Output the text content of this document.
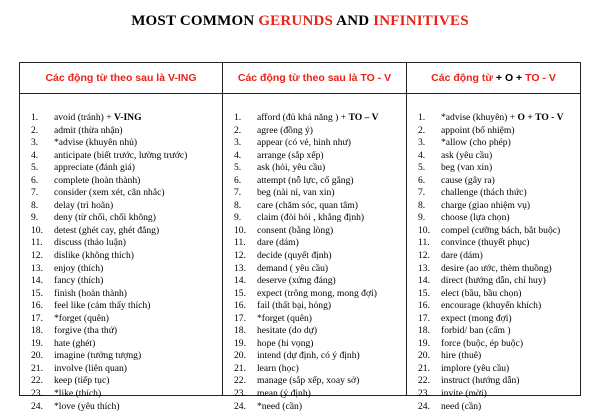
MOST COMMON GERUNDS AND INFINITIVES
Các động từ theo sau là V-ING
1.	avoid (tránh) + V-ING
2.	admit (thừa nhận)
3.	*advise (khuyên nhủ)
4.	anticipate (biết trước, lường trước)
5.	appreciate (đánh giá)
6.	complete (hoàn thành)
7.	consider (xem xét, cân nhắc)
8.	delay (trì hoãn)
9.	deny (từ chối, chối không)
10.	detest (ghét cay, ghét đắng)
11.	discuss (thảo luận)
12.	dislike (không thích)
13.	enjoy (thích)
14.	fancy (thích)
15.	finish (hoàn thành)
16.	feel like (cảm thấy thích)
17.	*forget (quên)
18.	forgive (tha thứ)
19.	hate (ghét)
20.	imagine (tưởng tượng)
21.	involve (liên quan)
22.	keep (tiếp tục)
23.	*like (thích)
24.	*love (yêu thích)
Các động từ theo sau là TO - V
1.	afford (đủ khả năng ) + TO – V
2.	agree (đồng ý)
3.	appear (có vẻ, hình như)
4.	arrange (sắp xếp)
5.	ask (hỏi, yêu cầu)
6.	attempt (nỗ lực, cố gắng)
7.	beg (nài nỉ, van xin)
8.	care (chăm sóc, quan tâm)
9.	claim (đòi hỏi , khẳng định)
10.	consent (bằng lòng)
11.	dare (dám)
12.	decide (quyết định)
13.	demand ( yêu cầu)
14.	deserve (xứng đáng)
15.	expect (trông mong, mong đợi)
16.	fail (thất bại, hỏng)
17.	*forget (quên)
18.	hesitate (do dự)
19.	hope (hi vọng)
20.	intend (dự định, có ý định)
21.	learn (học)
22.	manage (sắp xếp, xoay sở)
23.	mean (ý định)
24.	*need (cần)
Các động từ + O + TO - V
1.	*advise (khuyên) + O + TO - V
2.	appoint (bổ nhiệm)
3.	*allow (cho phép)
4.	ask (yêu cầu)
5.	beg (van xin)
6.	cause (gây ra)
7.	challenge (thách thức)
8.	charge (giao nhiệm vụ)
9.	choose (lựa chọn)
10.	compel (cưỡng bách, bắt buộc)
11.	convince (thuyết phục)
12.	dare (dám)
13.	desire (ao ước, thèm thuồng)
14.	direct (hướng dẫn, chỉ huy)
15.	elect (bầu, bầu chọn)
16.	encourage (khuyến khích)
17.	expect (mong đợi)
18.	forbid/ ban (cấm )
19.	force (buộc, ép buộc)
20.	hire (thuê)
21.	implore (yêu cầu)
22.	instruct (hướng dẫn)
23.	invite (mời)
24.	need (cần)
